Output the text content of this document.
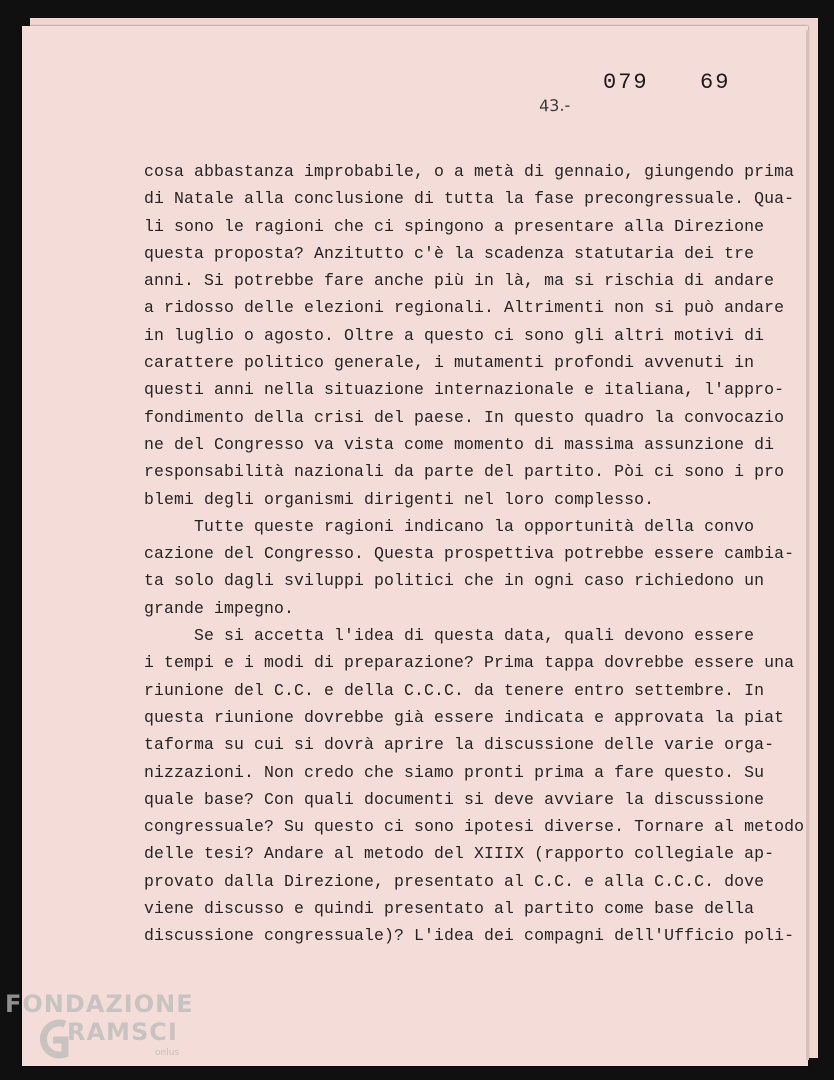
079 69
43.-
cosa abbastanza improbabile, o a metà di gennaio, giungendo prima
di Natale alla conclusione di tutta la fase precongressuale. Qua-
li sono le ragioni che ci spingono a presentare alla Direzione
questa proposta? Anzitutto c'è la scadenza statutaria dei tre
anni. Si potrebbe fare anche più in là, ma si rischia di andare
a ridosso delle elezioni regionali. Altrimenti non si può andare
in luglio o agosto. Oltre a questo ci sono gli altri motivi di
carattere politico generale, i mutamenti profondi avvenuti in
questi anni nella situazione internazionale e italiana, l'appro-
fondimento della crisi del paese. In questo quadro la convocazio
ne del Congresso va vista come momento di massima assunzione di
responsabilità nazionali da parte del partito. Pòi ci sono i pro
blemi degli organismi dirigenti nel loro complesso.
Tutte queste ragioni indicano la opportunità della convo
cazione del Congresso. Questa prospettiva potrebbe essere cambia-
ta solo dagli sviluppi politici che in ogni caso richiedono un
grande impegno.
Se si accetta l'idea di questa data, quali devono essere
i tempi e i modi di preparazione? Prima tappa dovrebbe essere una
riunione del C.C. e della C.C.C. da tenere entro settembre. In
questa riunione dovrebbe già essere indicata e approvata la piat
taforma su cui si dovrà aprire la discussione delle varie orga-
nizzazioni. Non credo che siamo pronti prima a fare questo. Su
quale base? Con quali documenti si deve avviare la discussione
congressuale? Su questo ci sono ipotesi diverse. Tornare al metodo
delle tesi? Andare al metodo del XIIIX (rapporto collegiale ap-
provato dalla Direzione, presentato al C.C. e alla C.C.C. dove
viene discusso e quindi presentato al partito come base della
discussione congressuale)? L'idea dei compagni dell'Ufficio poli-
FONDAZIONE
RAMSCI
onlus
